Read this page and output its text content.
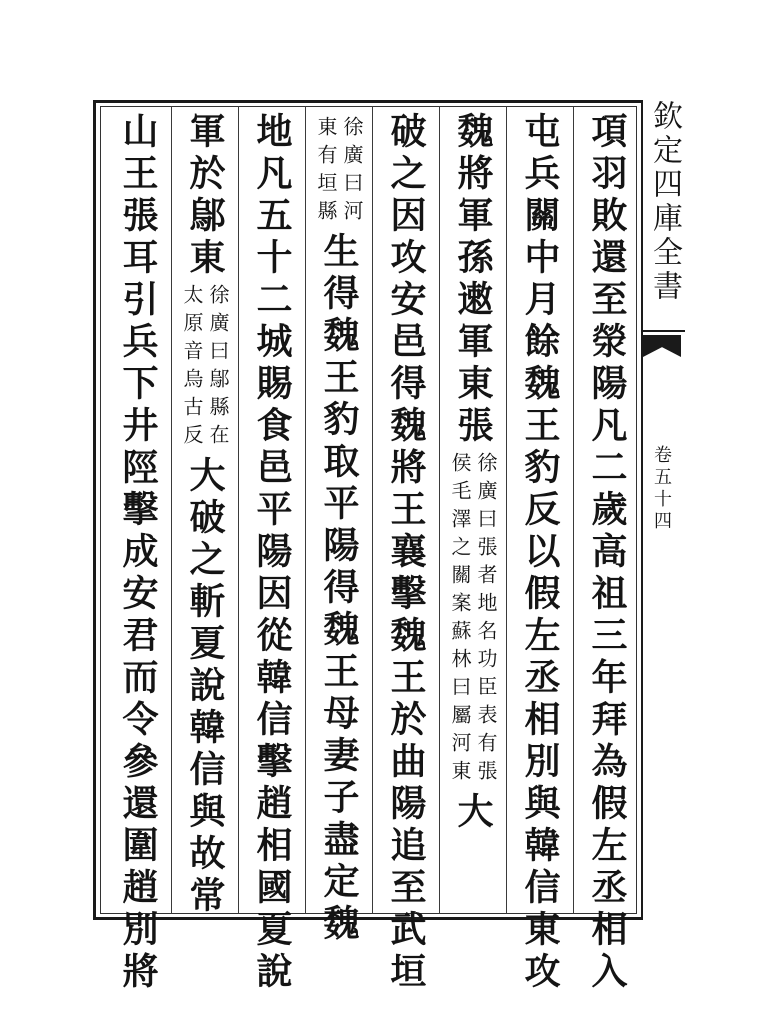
欽定四庫全書
卷五十四
項羽敗還至滎陽凡二歲高祖三年拜為假左丞相入
屯兵關中月餘魏王豹反以假左丞相別與韓信東攻
魏將軍孫遫軍東張
徐廣曰張者地名功臣表有張
侯毛澤之關案蘇林曰屬河東
大
破之因攻安邑得魏將王襄擊魏王於曲陽追至武垣
徐廣曰河
東有垣縣
生得魏王豹取平陽得魏王母妻子盡定魏
地凡五十二城賜食邑平陽因從韓信擊趙相國夏說
軍於鄔東
徐廣曰鄔縣在
太原音烏古反
大破之斬夏說韓信與故常
山王張耳引兵下井陘擊成安君而令參還圍趙別將
